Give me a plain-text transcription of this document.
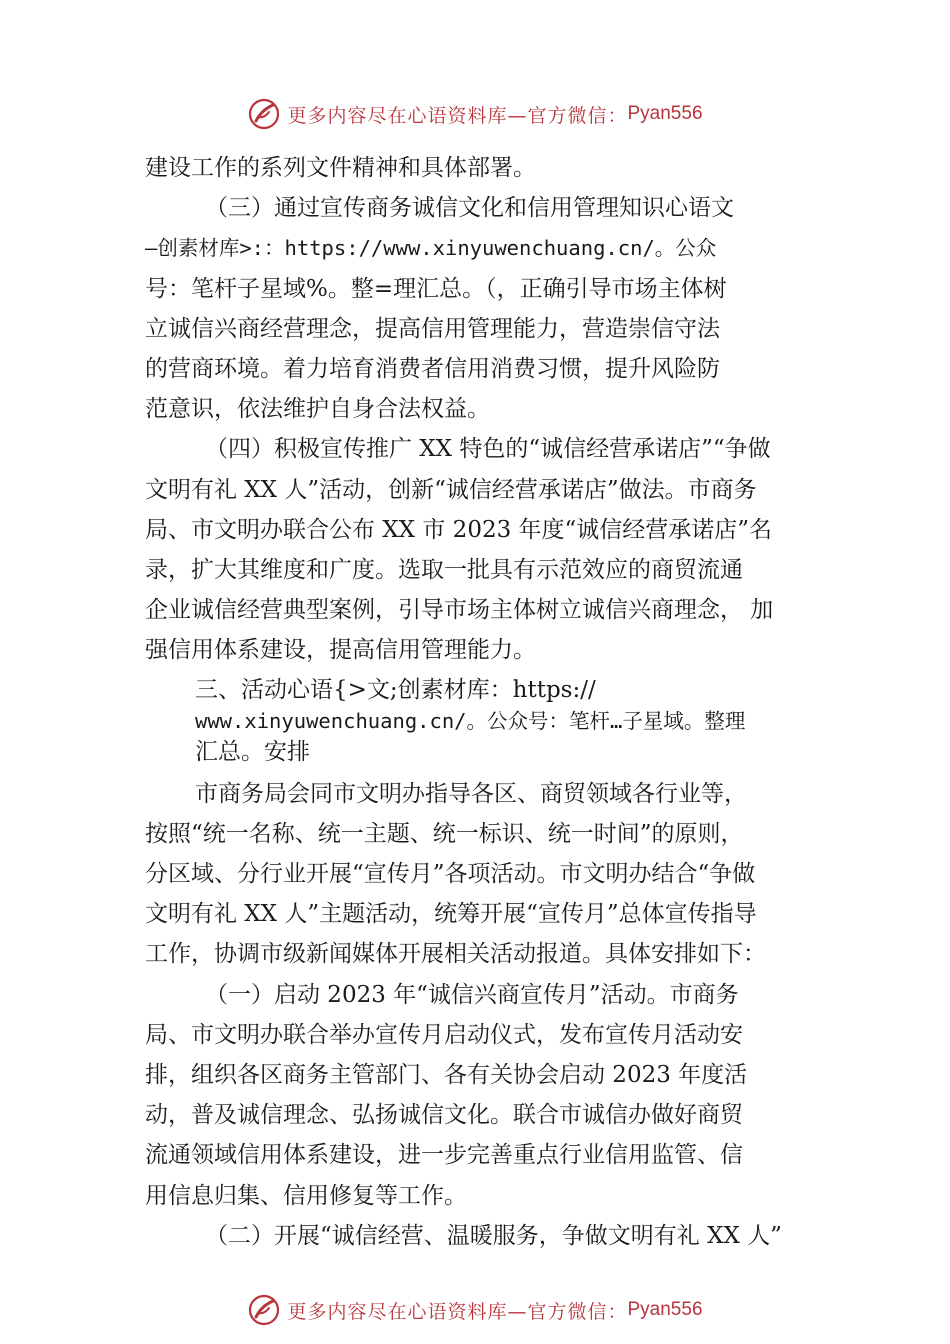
更多内容尽在心语资料库—官方微信： Pyan556

建设工作的系列文件精神和具体部署。

（三）通过宣传商务诚信文化和信用管理知识心语文

—创素材库>:：https://www.xinyuwenchuang.cn/。公众

号：笔杆子星域%。整=理汇总。（，正确引导市场主体树

立诚信兴商经营理念，提高信用管理能力，营造崇信守法

的营商环境。着力培育消费者信用消费习惯，提升风险防

范意识，依法维护自身合法权益。

（四）积极宣传推广 XX 特色的“诚信经营承诺店”“争做

文明有礼 XX 人”活动，创新“诚信经营承诺店”做法。市商务

局、市文明办联合公布 XX 市 2023 年度“诚信经营承诺店”名

录，扩大其维度和广度。选取一批具有示范效应的商贸流通

企业诚信经营典型案例，引导市场主体树立诚信兴商理念， 加

强信用体系建设，提高信用管理能力。

三、活动心语{>文;创素材库：https://

www.xinyuwenchuang.cn/。公众号：笔杆…子星域。整理

汇总。安排

市商务局会同市文明办指导各区、商贸领域各行业等，

按照“统一名称、统一主题、统一标识、统一时间”的原则，

分区域、分行业开展“宣传月”各项活动。市文明办结合“争做

文明有礼 XX 人”主题活动，统筹开展“宣传月”总体宣传指导

工作，协调市级新闻媒体开展相关活动报道。具体安排如下：

（一）启动 2023 年“诚信兴商宣传月”活动。市商务

局、市文明办联合举办宣传月启动仪式，发布宣传月活动安

排，组织各区商务主管部门、各有关协会启动 2023 年度活

动，普及诚信理念、弘扬诚信文化。联合市诚信办做好商贸

流通领域信用体系建设，进一步完善重点行业信用监管、信

用信息归集、信用修复等工作。

（二）开展“诚信经营、温暖服务，争做文明有礼 XX 人”

更多内容尽在心语资料库—官方微信： Pyan556
